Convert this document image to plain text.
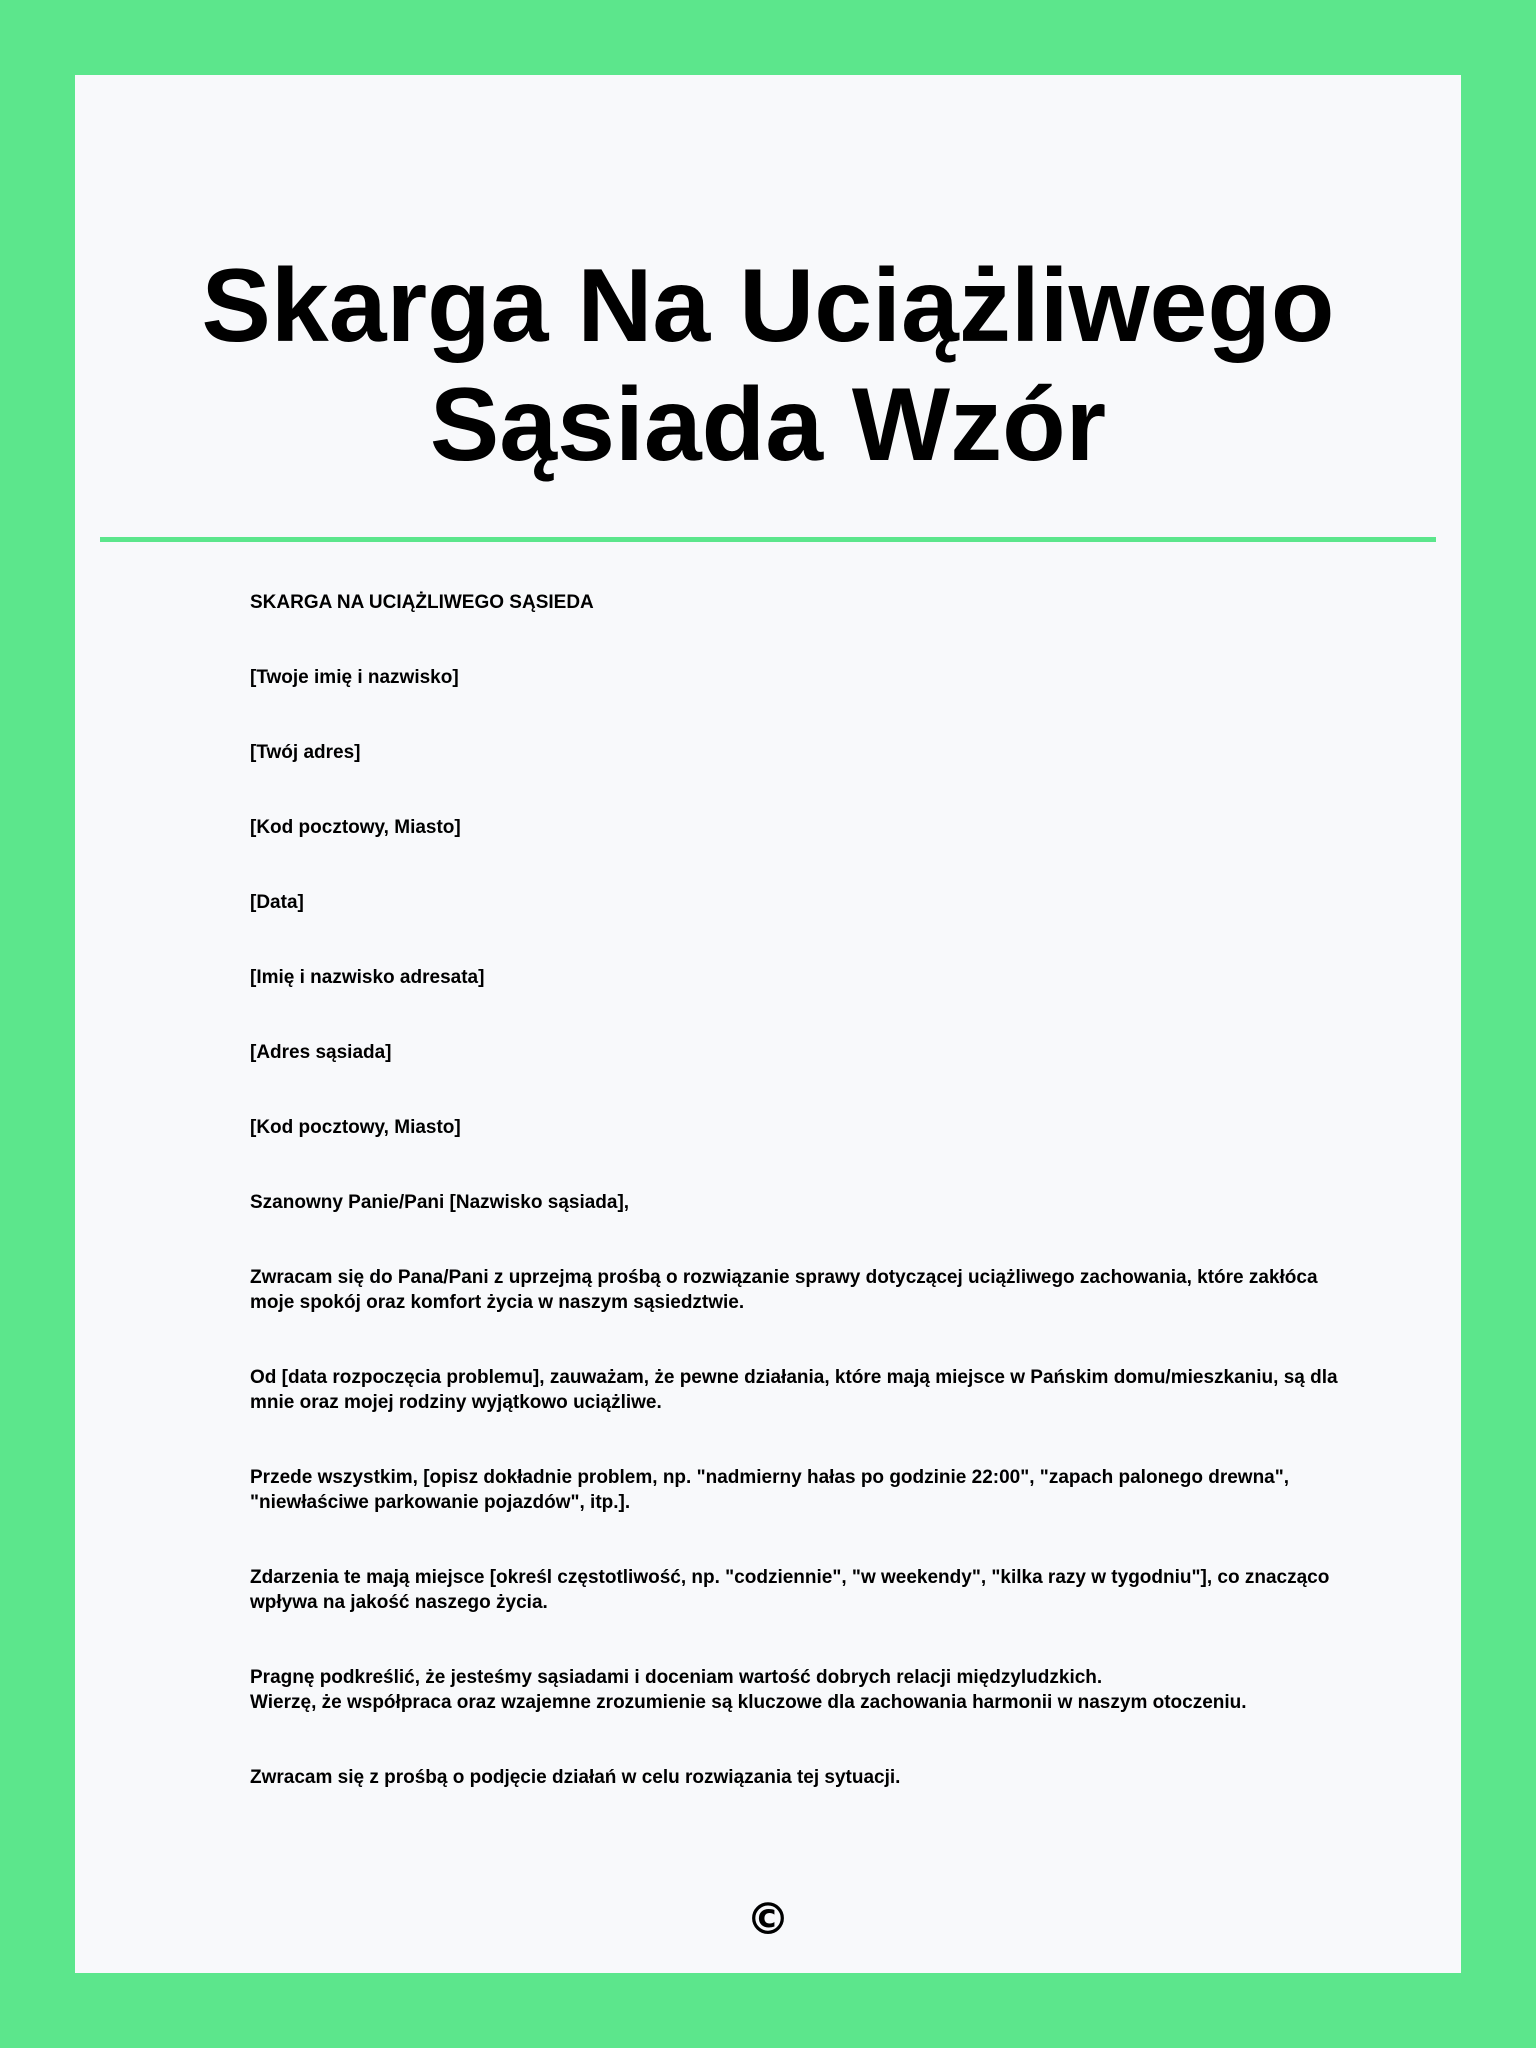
Skarga Na Uciążliwego
Sąsiada Wzór

SKARGA NA UCIĄŻLIWEGO SĄSIEDA

[Twoje imię i nazwisko]

[Twój adres]

[Kod pocztowy, Miasto]

[Data]

[Imię i nazwisko adresata]

[Adres sąsiada]

[Kod pocztowy, Miasto]

Szanowny Panie/Pani [Nazwisko sąsiada],

Zwracam się do Pana/Pani z uprzejmą prośbą o rozwiązanie sprawy dotyczącej uciążliwego zachowania, które zakłóca moje spokój oraz komfort życia w naszym sąsiedztwie.

Od [data rozpoczęcia problemu], zauważam, że pewne działania, które mają miejsce w Pańskim domu/mieszkaniu, są dla mnie oraz mojej rodziny wyjątkowo uciążliwe.

Przede wszystkim, [opisz dokładnie problem, np. "nadmierny hałas po godzinie 22:00", "zapach palonego drewna", "niewłaściwe parkowanie pojazdów", itp.].

Zdarzenia te mają miejsce [określ częstotliwość, np. "codziennie", "w weekendy", "kilka razy w tygodniu"], co znacząco wpływa na jakość naszego życia.

Pragnę podkreślić, że jesteśmy sąsiadami i doceniam wartość dobrych relacji międzyludzkich.
Wierzę, że współpraca oraz wzajemne zrozumienie są kluczowe dla zachowania harmonii w naszym otoczeniu.

Zwracam się z prośbą o podjęcie działań w celu rozwiązania tej sytuacji.

©
